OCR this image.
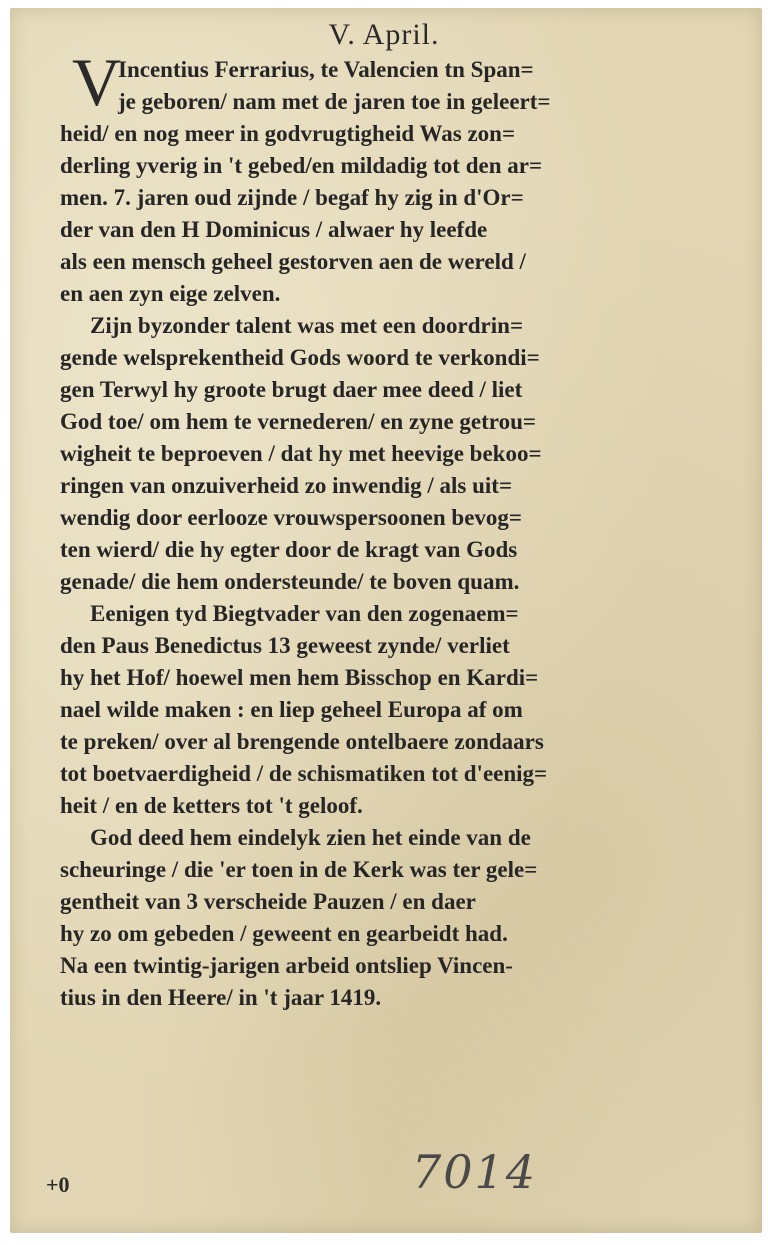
V. April.
V
Incentius Ferrarius, te Valencien tn Span=
je geboren/ nam met de jaren toe in geleert=
heid/ en nog meer in godvrugtigheid Was zon=
derling yverig in 't gebed/en mildadig tot den ar=
men. 7. jaren oud zijnde / begaf hy zig in d'Or=
der van den H Dominicus / alwaer hy leefde
als een mensch geheel gestorven aen de wereld /
en aen zyn eige zelven.
Zijn byzonder talent was met een doordrin=
gende welsprekentheid Gods woord te verkondi=
gen Terwyl hy groote brugt daer mee deed / liet
God toe/ om hem te vernederen/ en zyne getrou=
wigheit te beproeven / dat hy met heevige bekoo=
ringen van onzuiverheid zo inwendig / als uit=
wendig door eerlooze vrouwspersoonen bevog=
ten wierd/ die hy egter door de kragt van Gods
genade/ die hem ondersteunde/ te boven quam.
Eenigen tyd Biegtvader van den zogenaem=
den Paus Benedictus 13 geweest zynde/ verliet
hy het Hof/ hoewel men hem Bisschop en Kardi=
nael wilde maken : en liep geheel Europa af om
te preken/ over al brengende ontelbaere zondaars
tot boetvaerdigheid / de schismatiken tot d'eenig=
heit / en de ketters tot 't geloof.
God deed hem eindelyk zien het einde van de
scheuringe / die 'er toen in de Kerk was ter gele=
gentheit van 3 verscheide Pauzen / en daer
hy zo om gebeden / geweent en gearbeidt had.
Na een twintig-jarigen arbeid ontsliep Vincen-
tius in den Heere/ in 't jaar 1419.
+0	7014
